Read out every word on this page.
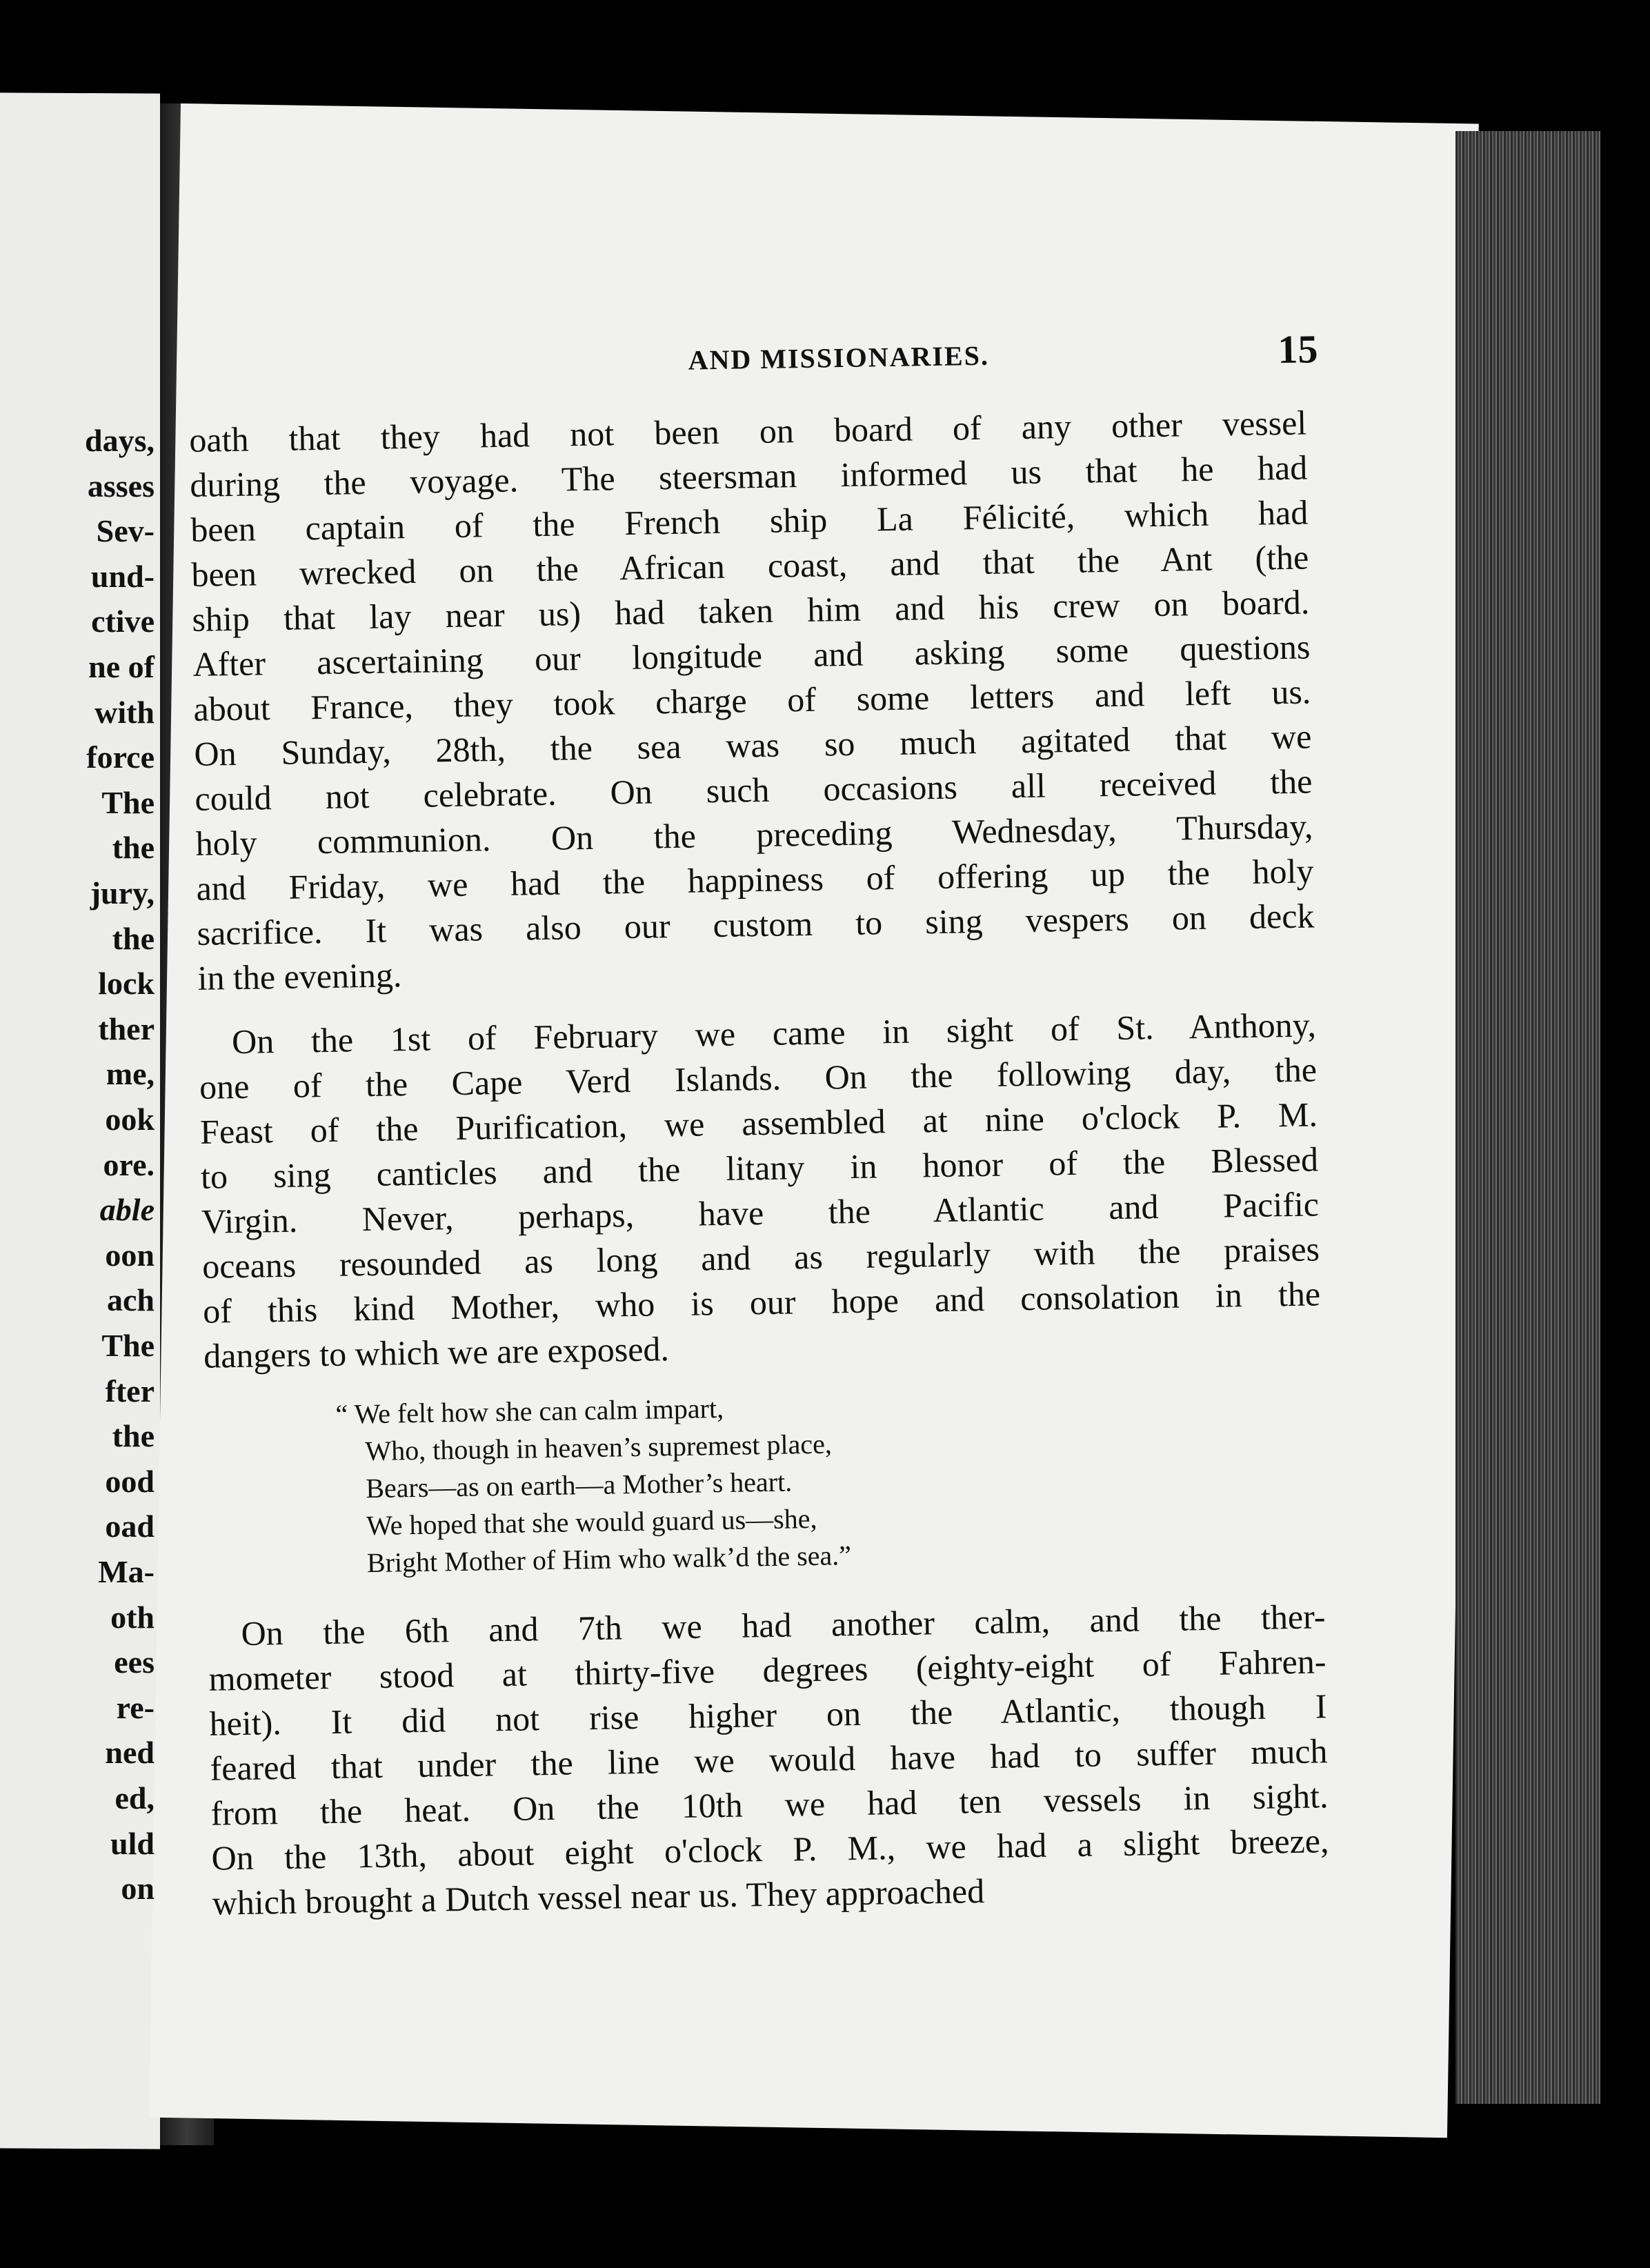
AND MISSIONARIES.	15
oath that they had not been on board of any other vessel
during the voyage. The steersman informed us that he had
been captain of the French ship La Félicité, which had
been wrecked on the African coast, and that the Ant (the
ship that lay near us) had taken him and his crew on board.
After ascertaining our longitude and asking some questions
about France, they took charge of some letters and left us.
On Sunday, 28th, the sea was so much agitated that we
could not celebrate. On such occasions all received the
holy communion. On the preceding Wednesday, Thursday,
and Friday, we had the happiness of offering up the holy
sacrifice. It was also our custom to sing vespers on deck
in the evening.
On the 1st of February we came in sight of St. Anthony,
one of the Cape Verd Islands. On the following day, the
Feast of the Purification, we assembled at nine o'clock P. M.
to sing canticles and the litany in honor of the Blessed
Virgin. Never, perhaps, have the Atlantic and Pacific
oceans resounded as long and as regularly with the praises
of this kind Mother, who is our hope and consolation in the
dangers to which we are exposed.
“ We felt how she can calm impart,
Who, though in heaven’s supremest place,
Bears—as on earth—a Mother’s heart.
We hoped that she would guard us—she,
Bright Mother of Him who walk’d the sea.”
On the 6th and 7th we had another calm, and the ther-
mometer stood at thirty-five degrees (eighty-eight of Fahren-
heit). It did not rise higher on the Atlantic, though I
feared that under the line we would have had to suffer much
from the heat. On the 10th we had ten vessels in sight.
On the 13th, about eight o'clock P. M., we had a slight breeze,
which brought a Dutch vessel near us. They approached
days,
asses
Sev-
und-
ctive
ne of
with
force
The
the
jury,
the
lock
ther
me,
ook
ore.
able
oon
ach
The
fter
the
ood
oad
Ma-
oth
ees
re-
ned
ed,
uld
on
